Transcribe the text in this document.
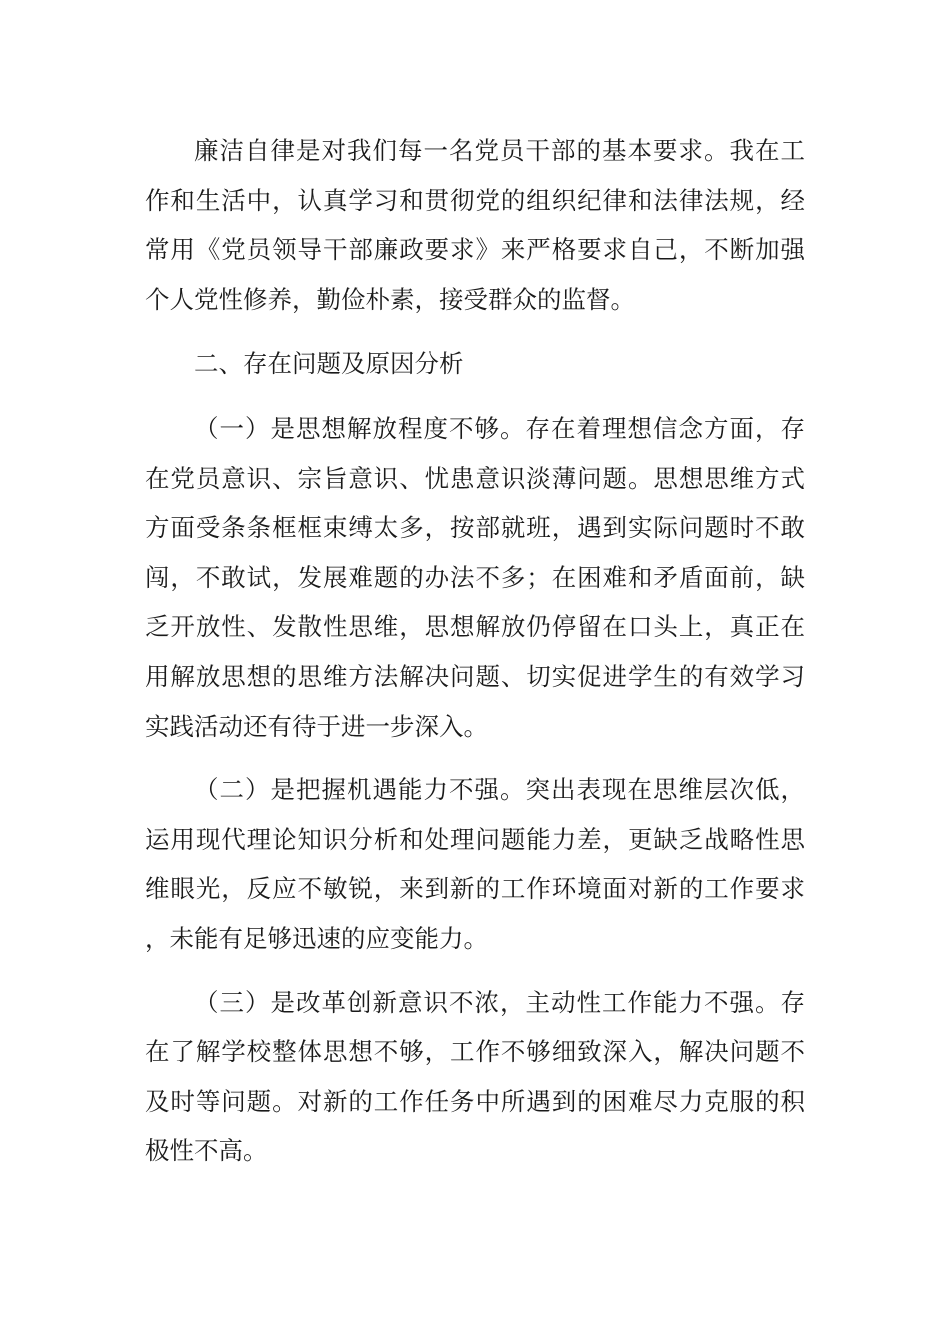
廉洁自律是对我们每一名党员干部的基本要求。我在工作和生活中，认真学习和贯彻党的组织纪律和法律法规，经常用《党员领导干部廉政要求》来严格要求自己，不断加强个人党性修养，勤俭朴素，接受群众的监督。

二、存在问题及原因分析

（一）是思想解放程度不够。存在着理想信念方面，存在党员意识、宗旨意识、忧患意识淡薄问题。思想思维方式方面受条条框框束缚太多，按部就班，遇到实际问题时不敢闯，不敢试，发展难题的办法不多；在困难和矛盾面前，缺乏开放性、发散性思维，思想解放仍停留在口头上，真正在用解放思想的思维方法解决问题、切实促进学生的有效学习实践活动还有待于进一步深入。

（二）是把握机遇能力不强。突出表现在思维层次低，运用现代理论知识分析和处理问题能力差，更缺乏战略性思维眼光，反应不敏锐，来到新的工作环境面对新的工作要求，未能有足够迅速的应变能力。

（三）是改革创新意识不浓，主动性工作能力不强。存在了解学校整体思想不够，工作不够细致深入，解决问题不及时等问题。对新的工作任务中所遇到的困难尽力克服的积极性不高。
